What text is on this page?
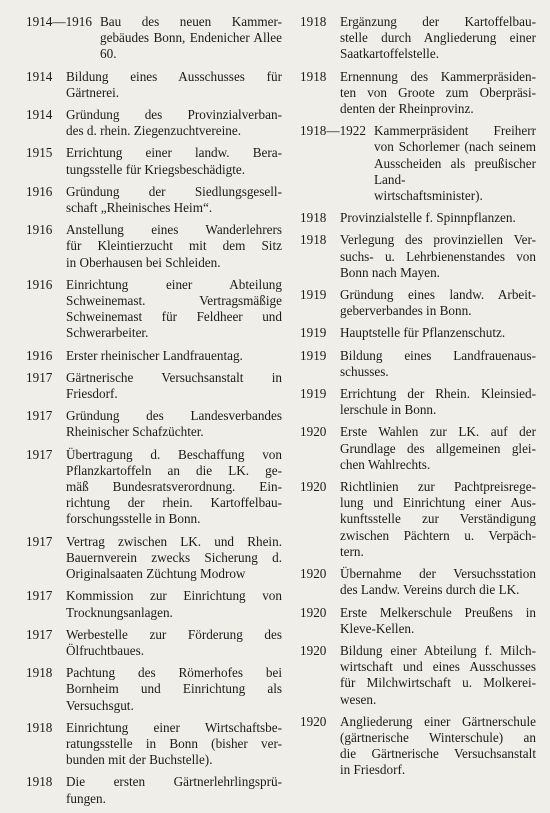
1914—1916 Bau des neuen Kammer-
gebäudes Bonn, Endenicher Allee
60.
1914	Bildung eines Ausschusses für
Gärtnerei.
1914	Gründung des Provinzialverban-
des d. rhein. Ziegenzuchtvereine.
1915	Errichtung einer landw. Bera-
tungsstelle für Kriegsbeschädigte.
1916	Gründung der Siedlungsgesell-
schaft „Rheinisches Heim“.
1916	Anstellung eines Wanderlehrers
für Kleintierzucht mit dem Sitz
in Oberhausen bei Schleiden.
1916	Einrichtung einer Abteilung
Schweinemast. Vertragsmäßige
Schweinemast für Feldheer und
Schwerarbeiter.
1916	Erster rheinischer Landfrauentag.
1917	Gärtnerische Versuchsanstalt in
Friesdorf.
1917	Gründung des Landesverbandes
Rheinischer Schafzüchter.
1917	Übertragung d. Beschaffung von
Pflanzkartoffeln an die LK. ge-
mäß Bundesratsverordnung. Ein-
richtung der rhein. Kartoffelbau-
forschungsstelle in Bonn.
1917	Vertrag zwischen LK. und Rhein.
Bauernverein zwecks Sicherung d.
Originalsaaten Züchtung Modrow
1917	Kommission zur Einrichtung von
Trocknungsanlagen.
1917	Werbestelle zur Förderung des
Ölfruchtbaues.
1918	Pachtung des Römerhofes bei
Bornheim und Einrichtung als
Versuchsgut.
1918	Einrichtung einer Wirtschaftsbe-
ratungsstelle in Bonn (bisher ver-
bunden mit der Buchstelle).
1918	Die ersten Gärtnerlehrlingsprü-
fungen.
1918	Ergänzung der Kartoffelbau-
stelle durch Angliederung einer
Saatkartoffelstelle.
1918	Ernennung des Kammerpräsiden-
ten von Groote zum Oberpräsi-
denten der Rheinprovinz.
1918—1922 Kammerpräsident Freiherr
von Schorlemer (nach seinem
Ausscheiden als preußischer Land-
wirtschaftsminister).
1918	Provinzialstelle f. Spinnpflanzen.
1918	Verlegung des provinziellen Ver-
suchs- u. Lehrbienenstandes von
Bonn nach Mayen.
1919	Gründung eines landw. Arbeit-
geberverbandes in Bonn.
1919	Hauptstelle für Pflanzenschutz.
1919	Bildung eines Landfrauenaus-
schusses.
1919	Errichtung der Rhein. Kleinsied-
lerschule in Bonn.
1920	Erste Wahlen zur LK. auf der
Grundlage des allgemeinen glei-
chen Wahlrechts.
1920	Richtlinien zur Pachtpreisrege-
lung und Einrichtung einer Aus-
kunftsstelle zur Verständigung
zwischen Pächtern u. Verpäch-
tern.
1920	Übernahme der Versuchsstation
des Landw. Vereins durch die LK.
1920	Erste Melkerschule Preußens in
Kleve-Kellen.
1920	Bildung einer Abteilung f. Milch-
wirtschaft und eines Ausschusses
für Milchwirtschaft u. Molkerei-
wesen.
1920	Angliederung einer Gärtnerschule
(gärtnerische Winterschule) an
die Gärtnerische Versuchsanstalt
in Friesdorf.
